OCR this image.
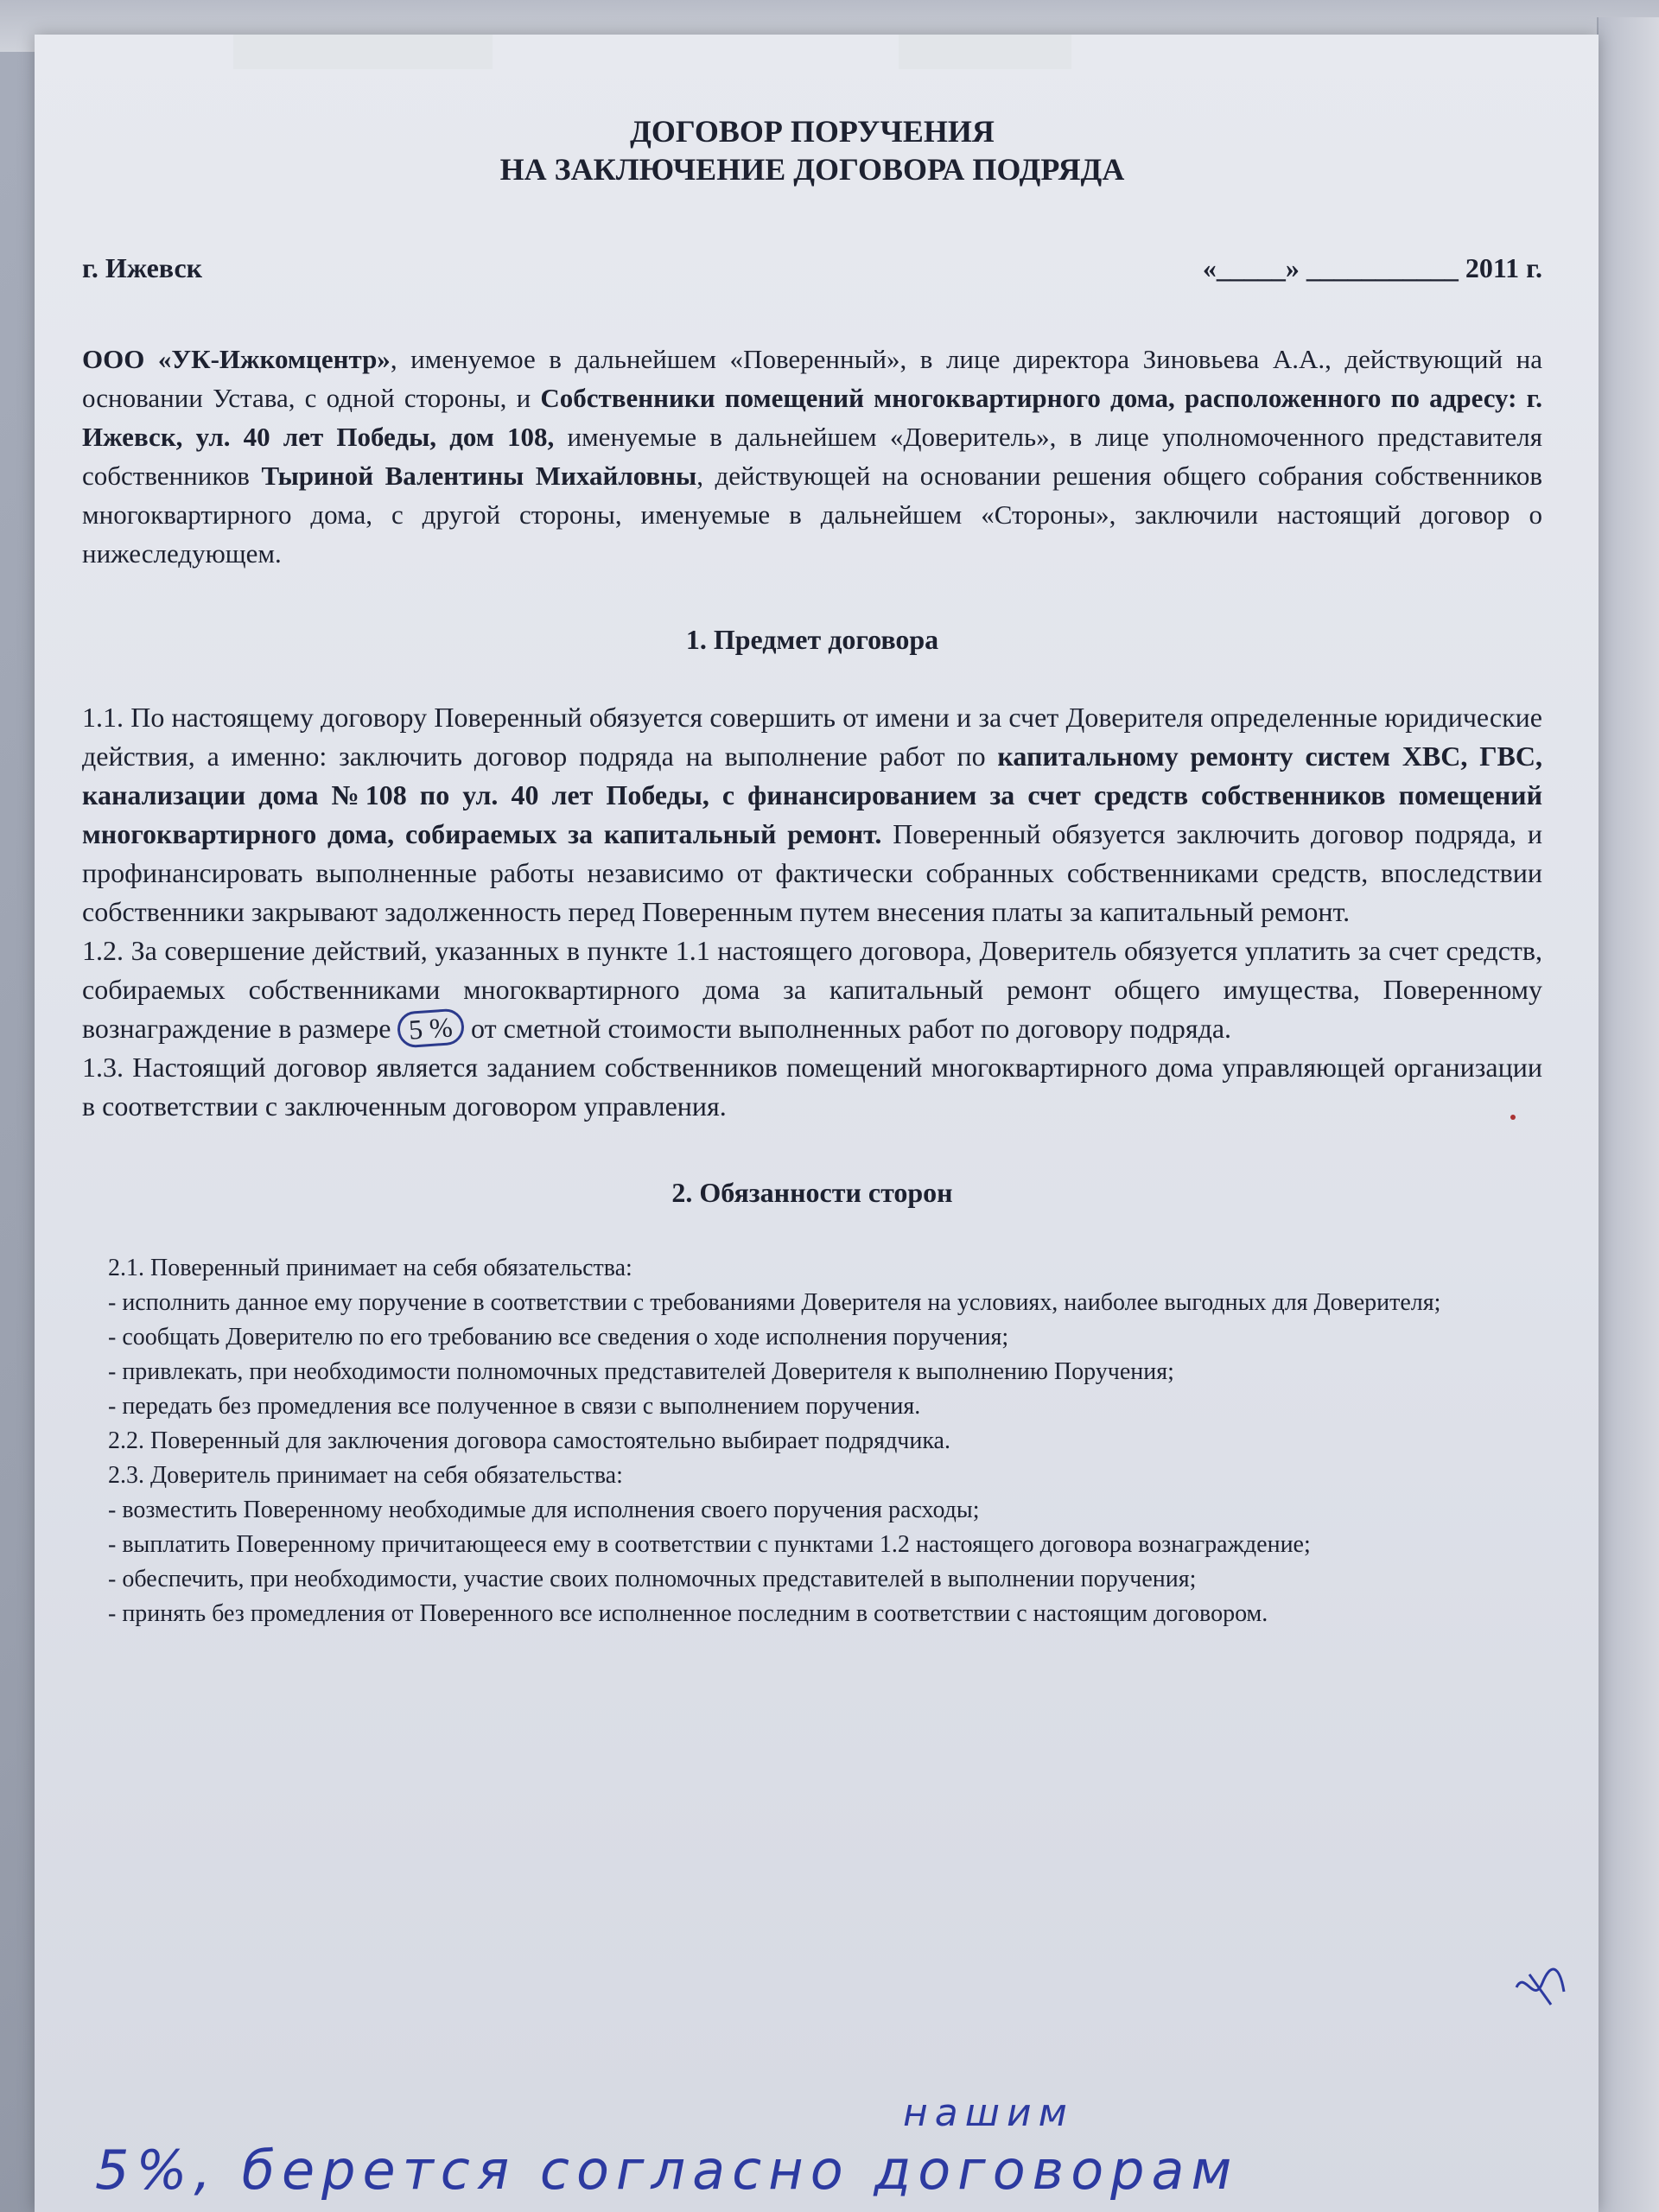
ДОГОВОР ПОРУЧЕНИЯ
НА ЗАКЛЮЧЕНИЕ ДОГОВОРА ПОДРЯДА
г. Ижевск	«_____» ___________ 2011 г.

ООО «УК-Ижкомцентр», именуемое в дальнейшем «Поверенный», в лице директора Зиновьева А.А., действующий на основании Устава, с одной стороны, и Собственники помещений многоквартирного дома, расположенного по адресу: г. Ижевск, ул. 40 лет Победы, дом 108, именуемые в дальнейшем «Доверитель», в лице уполномоченного представителя собственников Тыриной Валентины Михайловны, действующей на основании решения общего собрания собственников многоквартирного дома, с другой стороны, именуемые в дальнейшем «Стороны», заключили настоящий договор о нижеследующем.

1. Предмет договора

1.1. По настоящему договору Поверенный обязуется совершить от имени и за счет Доверителя определенные юридические действия, а именно: заключить договор подряда на выполнение работ по капитальному ремонту систем ХВС, ГВС, канализации дома №108 по ул. 40 лет Победы, с финансированием за счет средств собственников помещений многоквартирного дома, собираемых за капитальный ремонт. Поверенный обязуется заключить договор подряда, и профинансировать выполненные работы независимо от фактически собранных собственниками средств, впоследствии собственники закрывают задолженность перед Поверенным путем внесения платы за капитальный ремонт.

1.2. За совершение действий, указанных в пункте 1.1 настоящего договора, Доверитель обязуется уплатить за счет средств, собираемых собственниками многоквартирного дома за капитальный ремонт общего имущества, Поверенному вознаграждение в размере 5 % от сметной стоимости выполненных работ по договору подряда.

1.3. Настоящий договор является заданием собственников помещений многоквартирного дома управляющей организации в соответствии с заключенным договором управления.

2. Обязанности сторон

2.1. Поверенный принимает на себя обязательства:

- исполнить данное ему поручение в соответствии с требованиями Доверителя на условиях, наиболее выгодных для Доверителя;

- сообщать Доверителю по его требованию все сведения о ходе исполнения поручения;

- привлекать, при необходимости полномочных представителей Доверителя к выполнению Поручения;

- передать без промедления все полученное в связи с выполнением поручения.

2.2. Поверенный для заключения договора самостоятельно выбирает подрядчика.

2.3. Доверитель принимает на себя обязательства:

- возместить Поверенному необходимые для исполнения своего поручения расходы;

- выплатить Поверенному причитающееся ему в соответствии с пунктами 1.2 настоящего договора вознаграждение;

- обеспечить, при необходимости, участие своих полномочных представителей в выполнении поручения;

- принять без промедления от Поверенного все исполненное последним в соответствии с настоящим договором.

нашим
5%, берется согласно договорам
